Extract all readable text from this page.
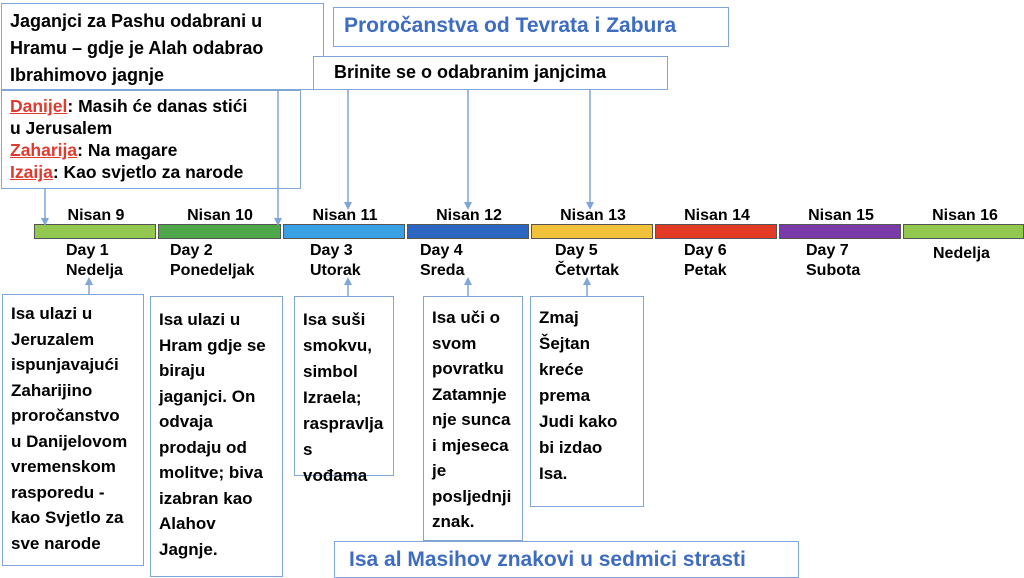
Jaganjci za Pashu odabrani u
Hramu – gdje je Alah odabrao
Ibrahimovo jagnje
Proročanstva od Tevrata i Zabura
Brinite se o odabranim janjcima
Danijel: Masih će danas stići
u Jerusalem
Zaharija: Na magare
Izaija: Kao svjetlo za narode
Nisan 9	Nisan 10	Nisan 11	Nisan 12	Nisan 13	Nisan 14	Nisan 15	Nisan 16
Day 1
Nedelja
Day 2
Ponedeljak
Day 3
Utorak
Day 4
Sreda
Day 5
Četvrtak
Day 6
Petak
Day 7
Subota
Nedelja
Isa ulazi u
Jeruzalem
ispunjavajući
Zaharijino
proročanstvo
u Danijelovom
vremenskom
rasporedu -
kao Svjetlo za
sve narode
Isa ulazi u
Hram gdje se
biraju
jaganjci. On
odvaja
prodaju od
molitve; biva
izabran kao
Alahov
Jagnje.
Isa suši
smokvu,
simbol
Izraela;
raspravlja s
vođama
Isa uči o
svom
povratku
Zatamnje
nje sunca
i mjeseca
je
posljednji
znak.
Zmaj
Šejtan
kreće
prema
Judi kako
bi izdao
Isa.
Isa al Masihov znakovi u sedmici strasti
